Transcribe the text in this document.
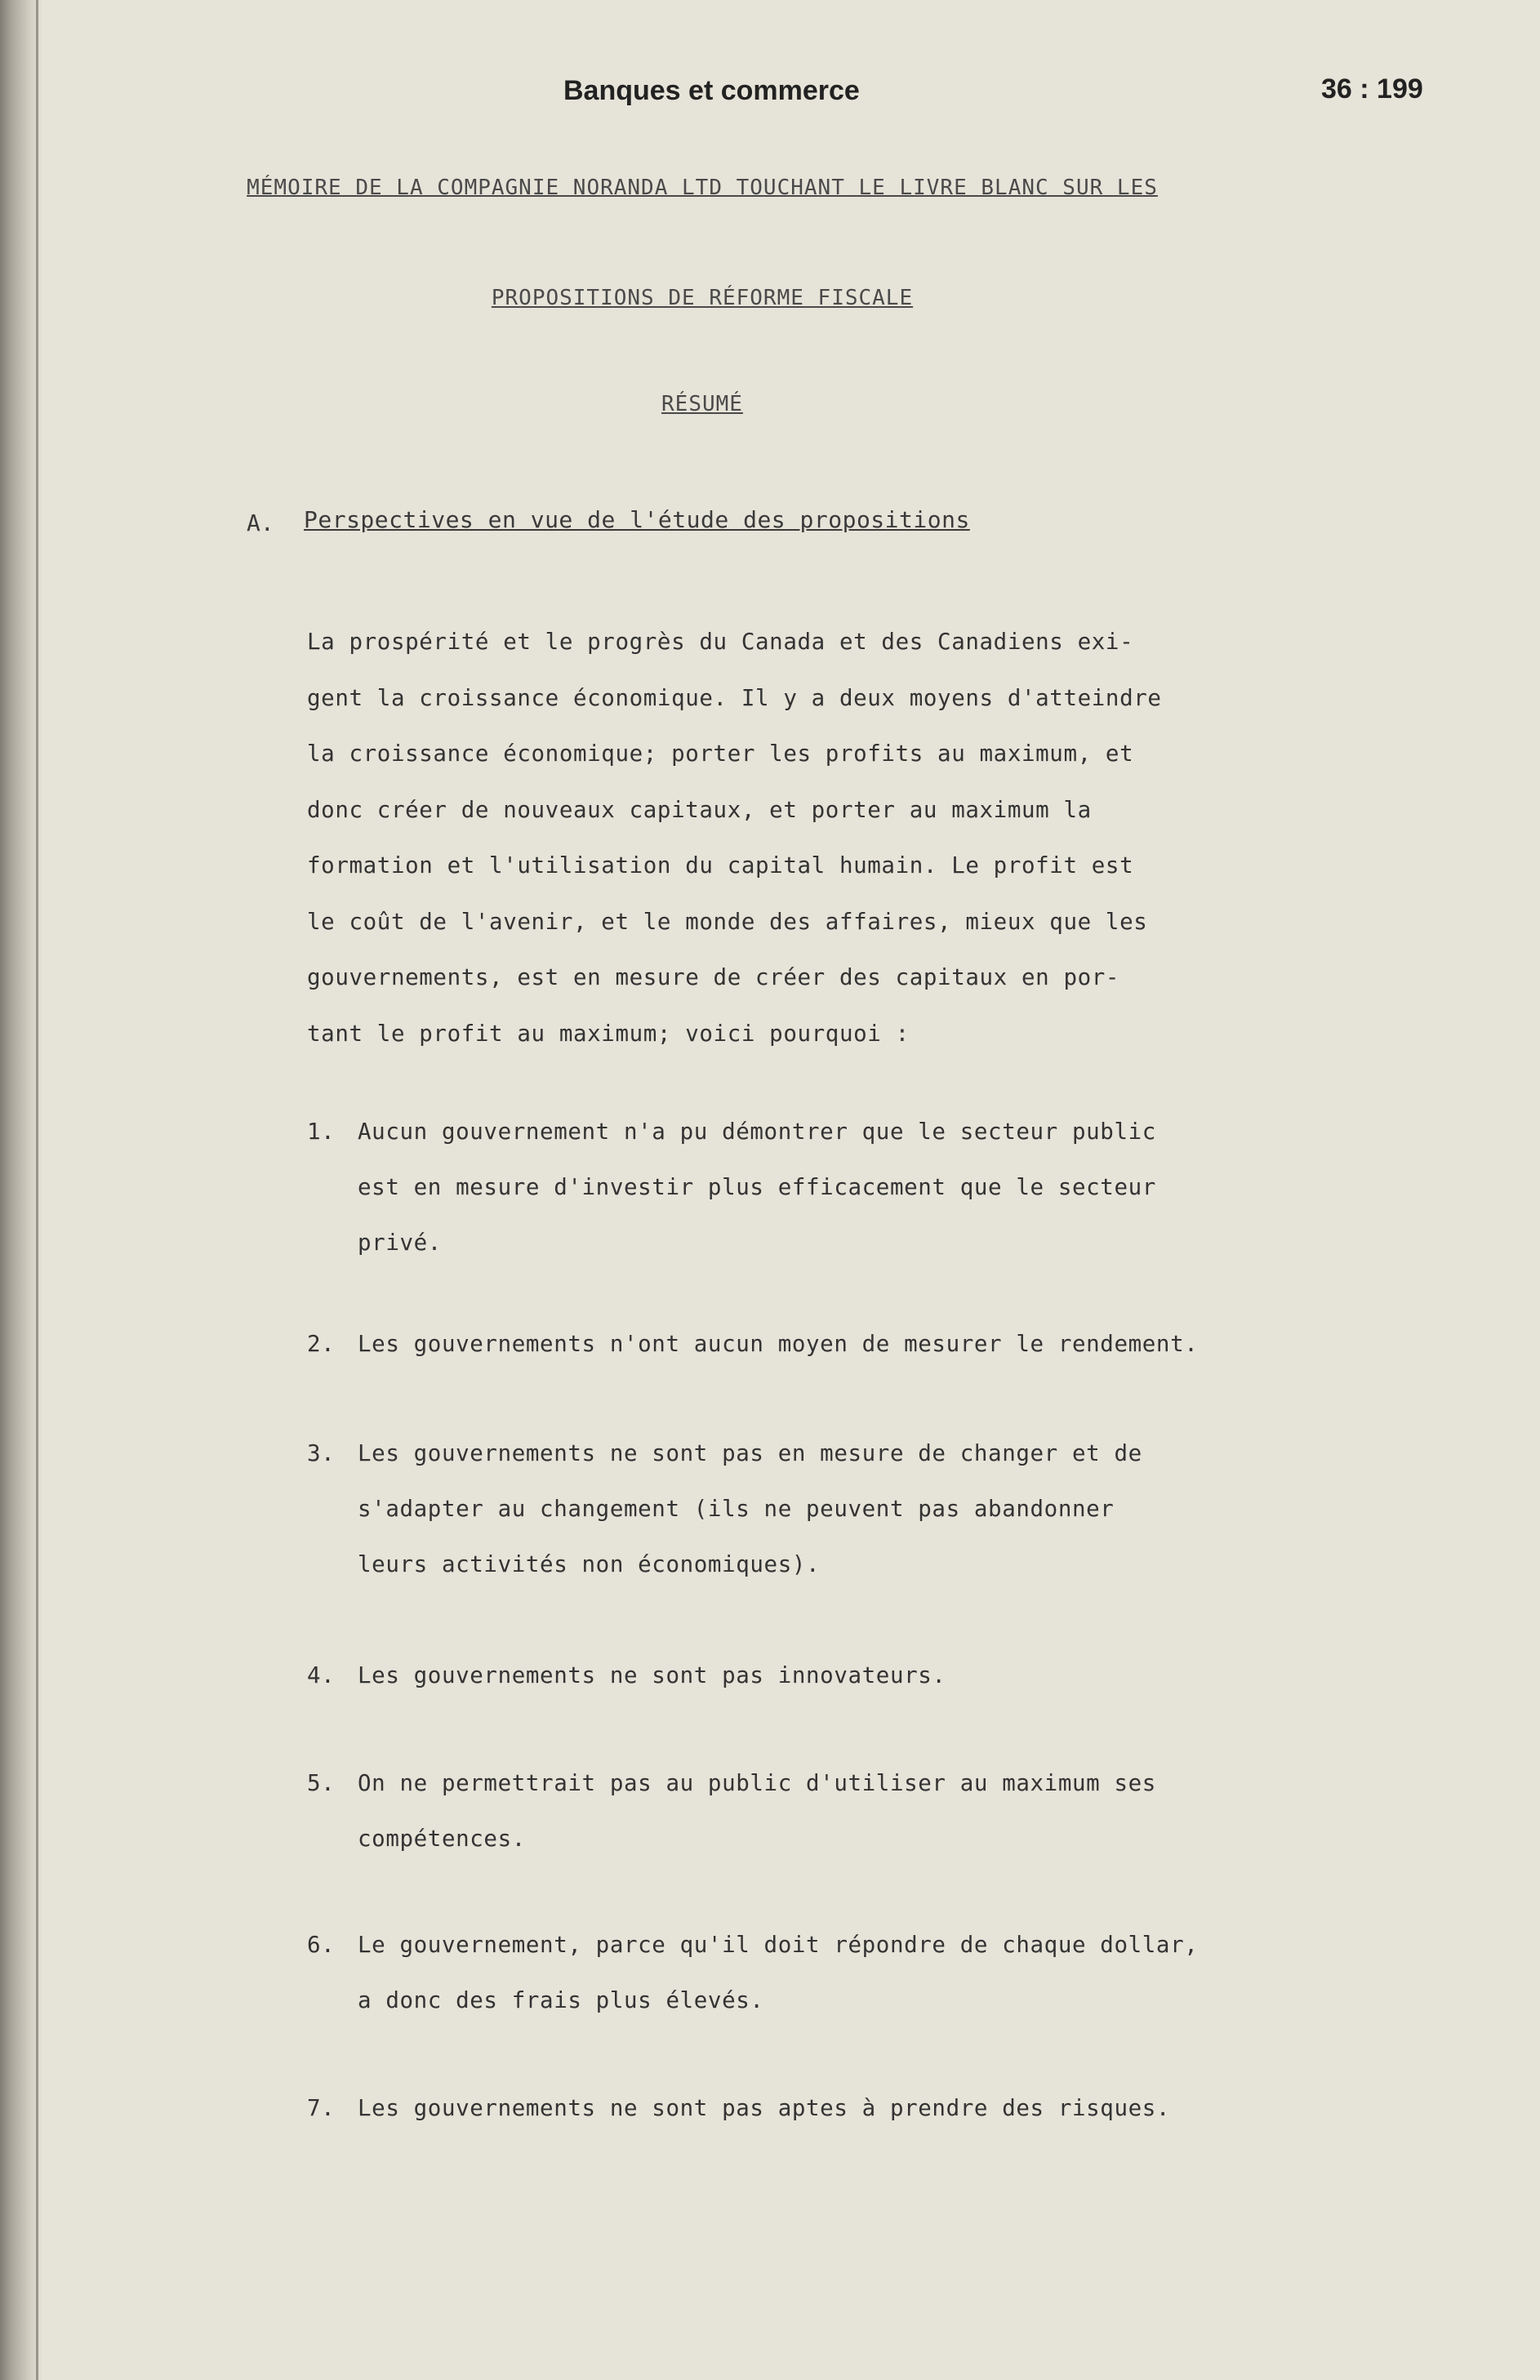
Banques et commerce	36 : 199
MÉMOIRE DE LA COMPAGNIE NORANDA LTD TOUCHANT LE LIVRE BLANC SUR LES
PROPOSITIONS DE RÉFORME FISCALE
RÉSUMÉ
A. Perspectives en vue de l'étude des propositions
La prospérité et le progrès du Canada et des Canadiens exi-
gent la croissance économique. Il y a deux moyens d'atteindre
la croissance économique; porter les profits au maximum, et
donc créer de nouveaux capitaux, et porter au maximum la
formation et l'utilisation du capital humain. Le profit est
le coût de l'avenir, et le monde des affaires, mieux que les
gouvernements, est en mesure de créer des capitaux en por-
tant le profit au maximum; voici pourquoi :
1.	Aucun gouvernement n'a pu démontrer que le secteur public
est en mesure d'investir plus efficacement que le secteur
privé.
2.	Les gouvernements n'ont aucun moyen de mesurer le rendement.
3.	Les gouvernements ne sont pas en mesure de changer et de
s'adapter au changement (ils ne peuvent pas abandonner
leurs activités non économiques).
4.	Les gouvernements ne sont pas innovateurs.
5.	On ne permettrait pas au public d'utiliser au maximum ses
compétences.
6.	Le gouvernement, parce qu'il doit répondre de chaque dollar,
a donc des frais plus élevés.
7.	Les gouvernements ne sont pas aptes à prendre des risques.
